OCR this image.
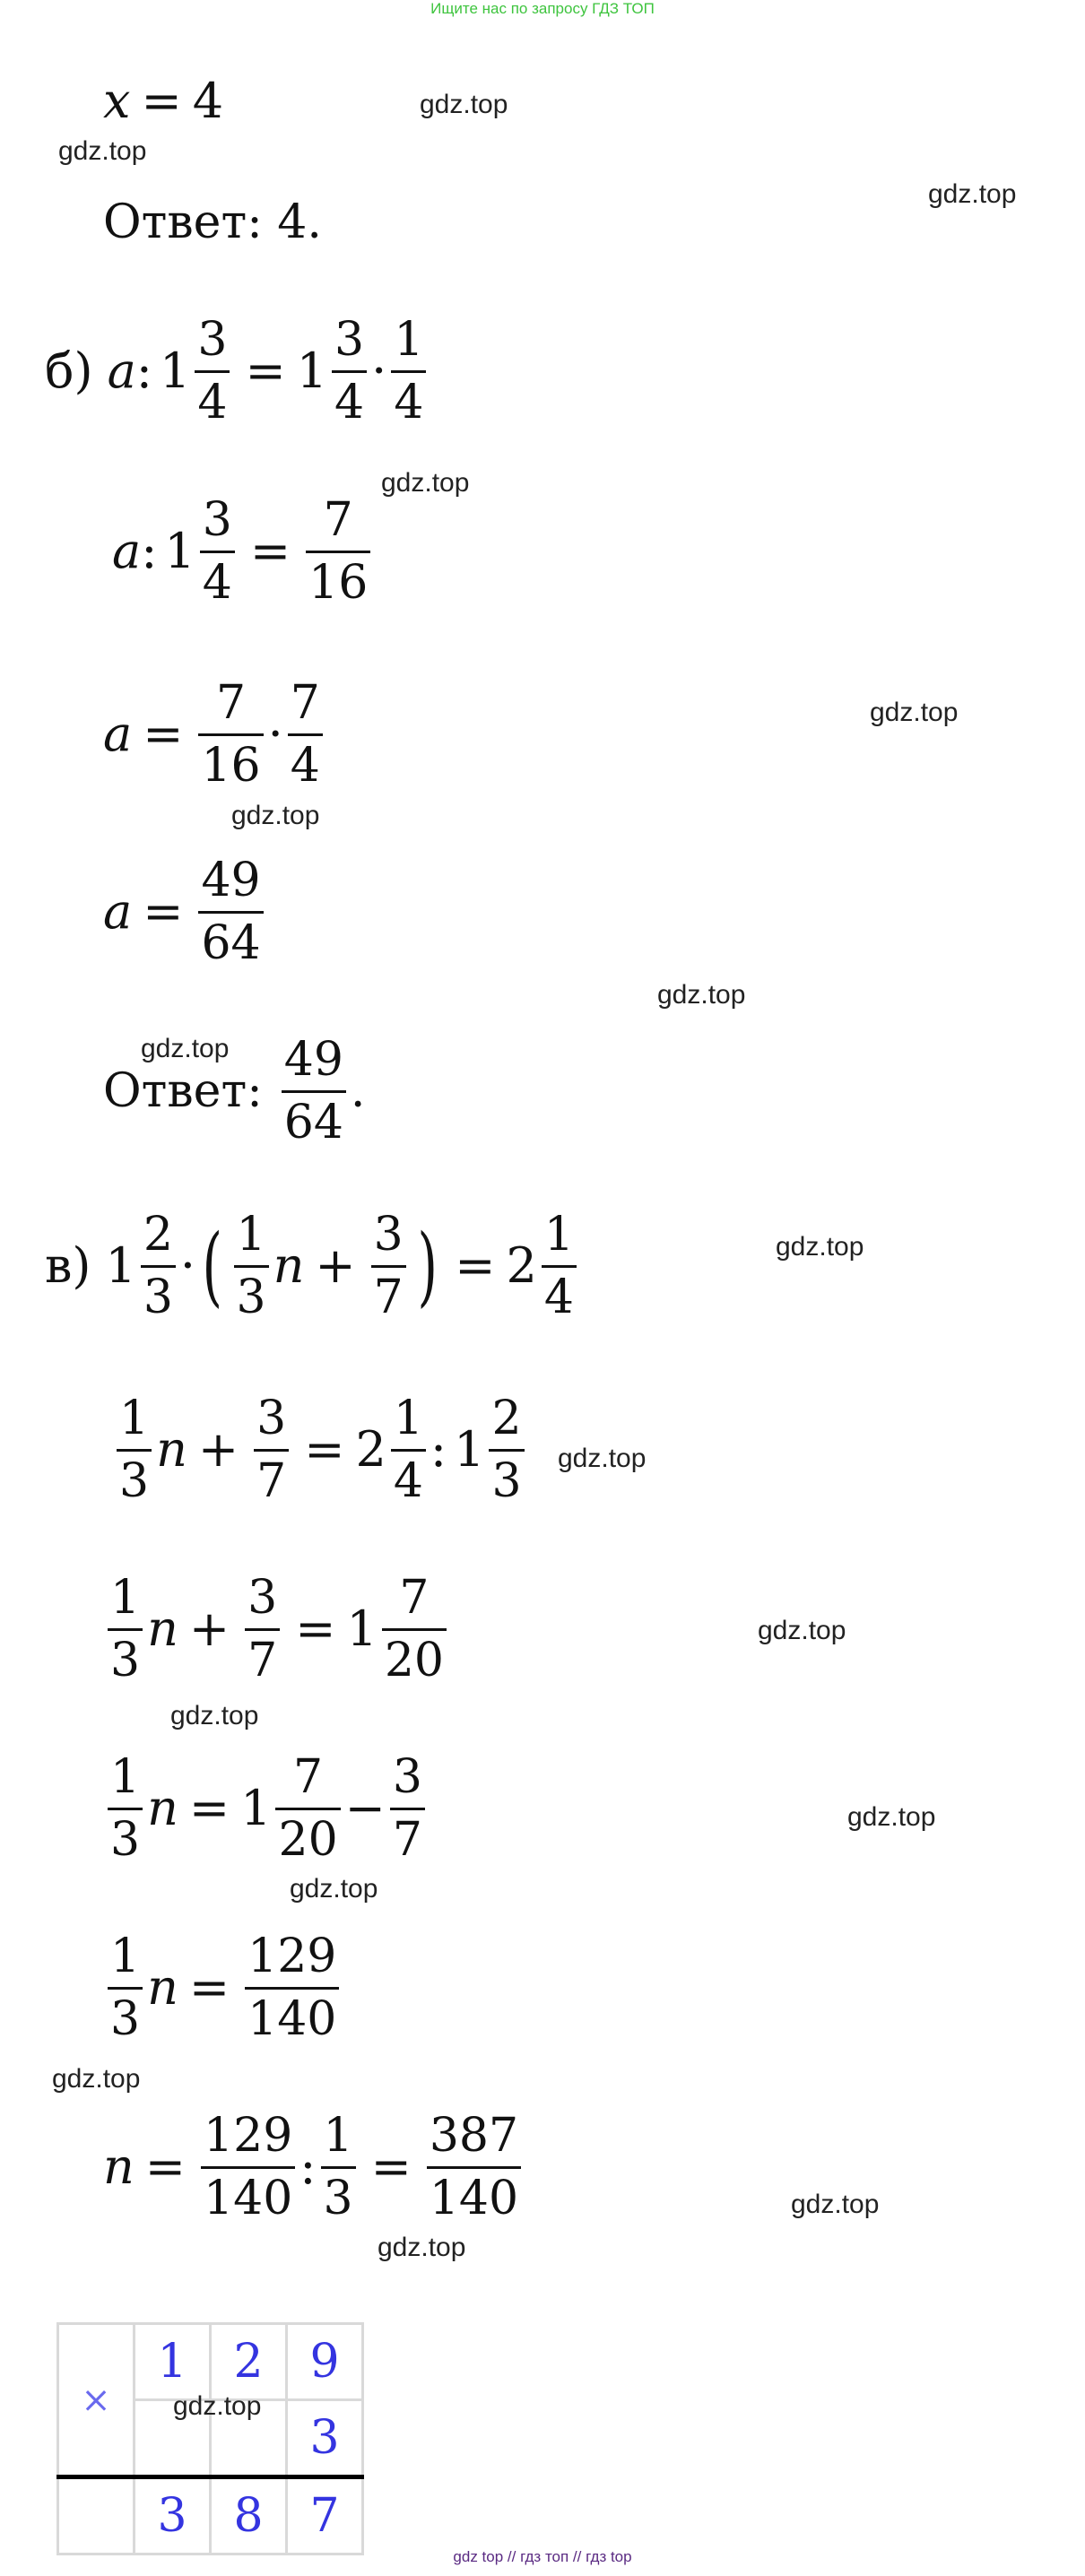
Ищите нас по запросу ГДЗ ТОП
x = 4
Ответ: 4.
б) a : $1 \frac{3}{4} = 1 \frac{3}{4} \cdot \frac{1}{4}$
a : $1 \frac{3}{4} = \frac{7}{16}$
$a = \frac{7}{16} \cdot \frac{7}{4}$
$a = \frac{49}{64}$
Ответ: $\frac{49}{64}$ .
в) $1 \frac{2}{3}$ · ( $\frac{1}{3}$ $n + \frac{3}{7}$ ) = $2 \frac{1}{4}$
$\frac{1}{3}$ $n + \frac{3}{7} = 2 \frac{1}{4}$ : $1 \frac{2}{3}$
$\frac{1}{3}$ $n + \frac{3}{7} = 1 \frac{7}{20}$
$\frac{1}{3}$ $n = 1 \frac{7}{20} - \frac{3}{7}$
$\frac{1}{3}$ $n = \frac{129}{140}$
$n = \frac{129}{140}$ : $\frac{1}{3} = \frac{387}{140}$
×	1	2	9
			3
	3	8	7
gdz.top
gdz.top
gdz.top
gdz.top
gdz.top
gdz.top
gdz.top
gdz.top
gdz.top
gdz.top
gdz.top
gdz.top
gdz.top
gdz.top
gdz.top
gdz.top
gdz.top
gdz.top
gdz top // гдз топ // гдз top
